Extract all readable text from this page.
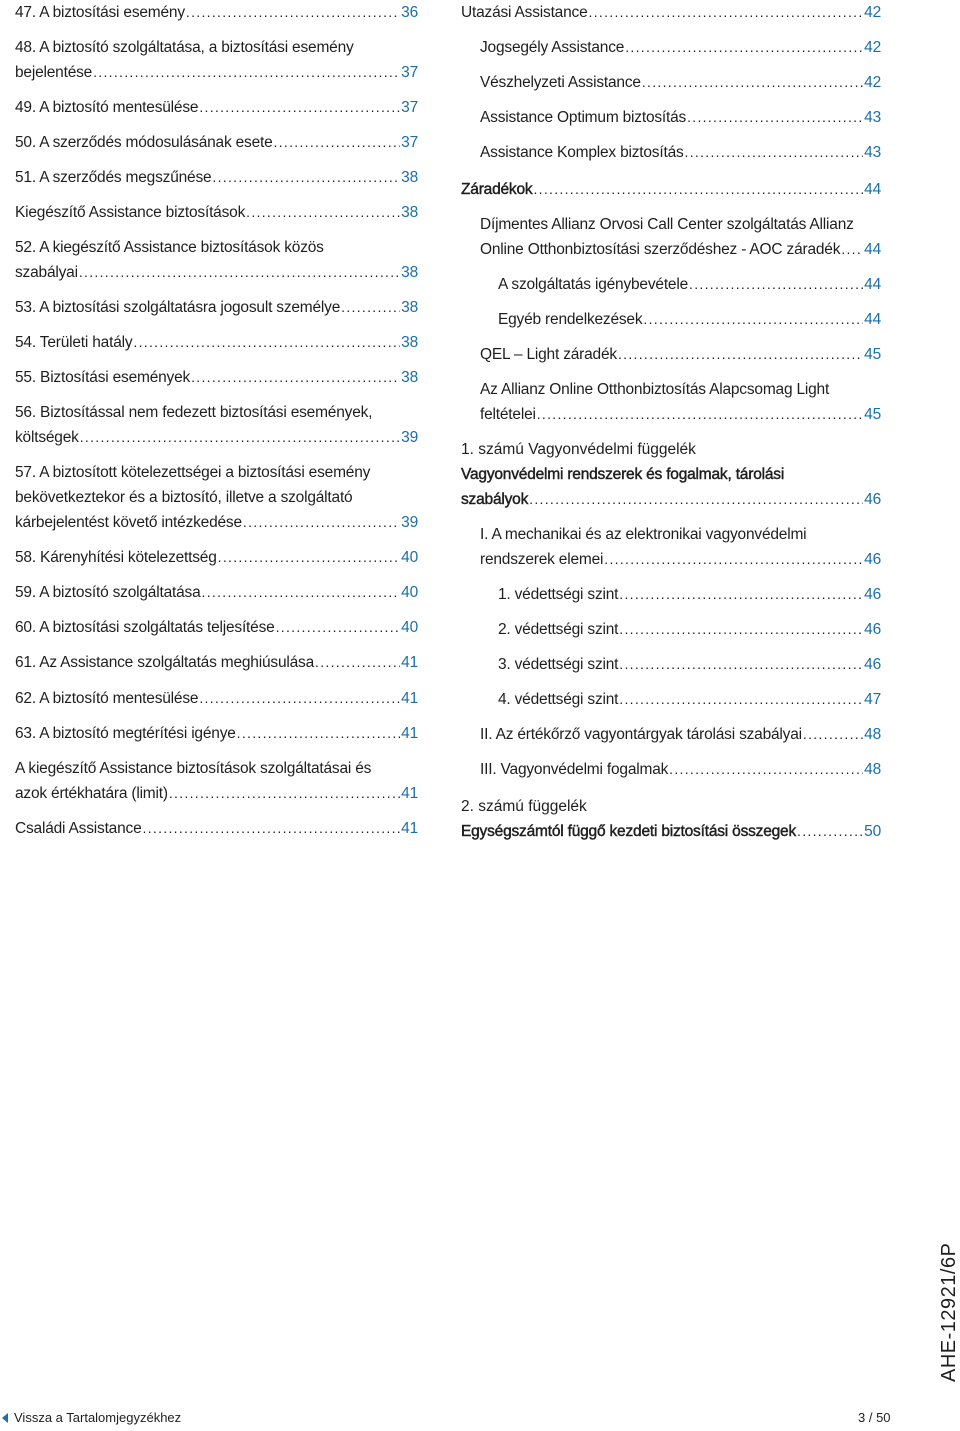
47. A biztosítási esemény .....	36
48. A biztosító szolgáltatása, a biztosítási esemény
bejelentése .....	37
49. A biztosító mentesülése .....	37
50. A szerződés módosulásának esete .....	37
51. A szerződés megszűnése .....	38
Kiegészítő Assistance biztosítások .....	38
52. A kiegészítő Assistance biztosítások közös
szabályai .....	38
53. A biztosítási szolgáltatásra jogosult személye .....	38
54. Területi hatály .....	38
55. Biztosítási események .....	38
56. Biztosítással nem fedezett biztosítási események,
költségek .....	39
57. A biztosított kötelezettségei a biztosítási esemény
bekövetkeztekor és a biztosító, illetve a szolgáltató
kárbejelentést követő intézkedése .....	39
58. Kárenyhítési kötelezettség .....	40
59. A biztosító szolgáltatása .....	40
60. A biztosítási szolgáltatás teljesítése .....	40
61. Az Assistance szolgáltatás meghiúsulása .....	41
62. A biztosító mentesülése .....	41
63. A biztosító megtérítési igénye .....	41
A kiegészítő Assistance biztosítások szolgáltatásai és
azok értékhatára (limit) .....	41
Családi Assistance .....	41
Utazási Assistance .....	42
Jogsegély Assistance .....	42
Vészhelyzeti Assistance .....	42
Assistance Optimum biztosítás .....	43
Assistance Komplex biztosítás .....	43
Záradékok .....	44
Díjmentes Allianz Orvosi Call Center szolgáltatás Allianz
Online Otthonbiztosítási szerződéshez - AOC záradék ..... 44
A szolgáltatás igénybevétele .....	44
Egyéb rendelkezések .....	44
QEL – Light záradék .....	45
Az Allianz Online Otthonbiztosítás Alapcsomag Light
feltételei .....	45
1. számú Vagyonvédelmi függelék
Vagyonvédelmi rendszerek és fogalmak, tárolási
szabályok .....	46
I. A mechanikai és az elektronikai vagyonvédelmi
rendszerek elemei .....	46
1. védettségi szint .....	46
2. védettségi szint .....	46
3. védettségi szint .....	46
4. védettségi szint .....	47
II. Az értékőrző vagyontárgyak tárolási szabályai .....	48
III. Vagyonvédelmi fogalmak .....	48
2. számú függelék
Egységszámtól függő kezdeti biztosítási összegek .....	50
AHE-12921/6P
Vissza a Tartalomjegyzékhez	3 / 50
